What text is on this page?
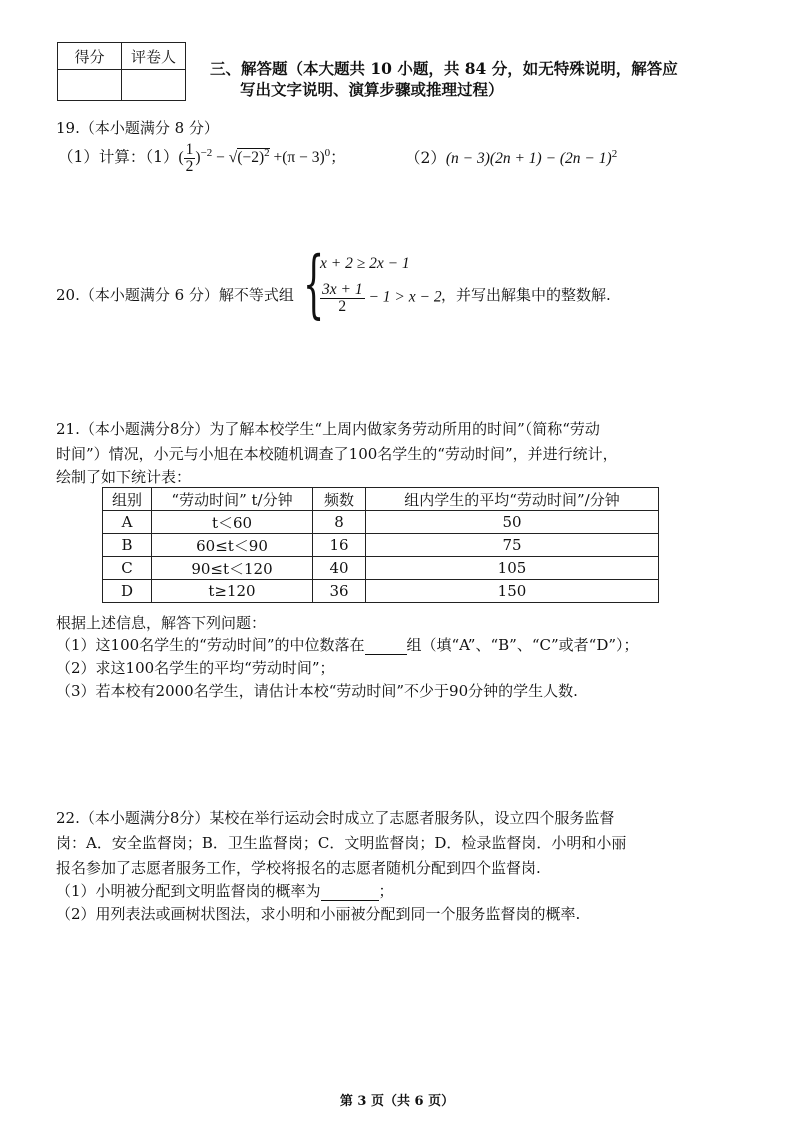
得分	评卷人

三、解答题（本大题共 10 小题，共 84 分，如无特殊说明，解答应
写出文字说明、演算步骤或推理过程）
19.（本小题满分 8 分）
（1）计算：$(1)( \frac{1}{2} )^{-2} - √(-2)^2 +(\pi - 3)^0$；	$(2)(n - 3)(2n + 1) - (2n - 1)^2$
20.（本小题满分 6 分）解不等式组 {
x + 2 ≥ 2x − 1
$\frac{3x + 1}{2} - 1 > x - 2$ ，并写出解集中的整数解.
21.（本小题满分8分）为了解本校学生“上周内做家务劳动所用的时间”（简称“劳动
时间”）情况，小元与小旭在本校随机调查了100名学生的“劳动时间”，并进行统计，
绘制了如下统计表：
组别	“劳动时间” t/分钟	频数	组内学生的平均“劳动时间”/分钟
A	t＜60	8	50
B	60≤t＜90	16	75
C	90≤t＜120	40	105
D	t≥120	36	150
根据上述信息，解答下列问题：
（1）这100名学生的“劳动时间”的中位数落在	组（填“A”、“B”、“C”或者“D”）；
（2）求这100名学生的平均“劳动时间”；
（3）若本校有2000名学生，请估计本校“劳动时间”不少于90分钟的学生人数.
22.（本小题满分8分）某校在举行运动会时成立了志愿者服务队，设立四个服务监督
岗：A．安全监督岗；B．卫生监督岗；C．文明监督岗；D．检录监督岗．小明和小丽
报名参加了志愿者服务工作，学校将报名的志愿者随机分配到四个监督岗.
（1）小明被分配到文明监督岗的概率为	；
（2）用列表法或画树状图法，求小明和小丽被分配到同一个服务监督岗的概率.
第 3 页（共 6 页）
